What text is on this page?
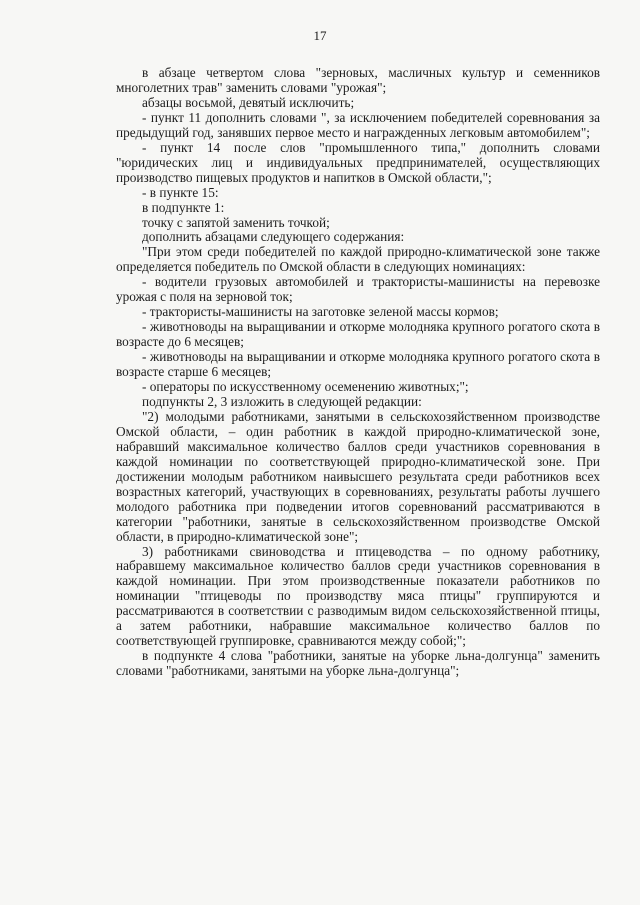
17

в абзаце четвертом слова "зерновых, масличных культур и семенников многолетних трав" заменить словами "урожая";

абзацы восьмой, девятый исключить;

- пункт 11 дополнить словами ", за исключением победителей соревнования за предыдущий год, занявших первое место и награжденных легковым автомобилем";

- пункт 14 после слов "промышленного типа," дополнить словами "юридических лиц и индивидуальных предпринимателей, осуществляющих производство пищевых продуктов и напитков в Омской области,";

- в пункте 15:

в подпункте 1:

точку с запятой заменить точкой;

дополнить абзацами следующего содержания:

"При этом среди победителей по каждой природно-климатической зоне также определяется победитель по Омской области в следующих номинациях:

- водители грузовых автомобилей и трактористы-машинисты на перевозке урожая с поля на зерновой ток;

- трактористы-машинисты на заготовке зеленой массы кормов;

- животноводы на выращивании и откорме молодняка крупного рогатого скота в возрасте до 6 месяцев;

- животноводы на выращивании и откорме молодняка крупного рогатого скота в возрасте старше 6 месяцев;

- операторы по искусственному осеменению животных;";

подпункты 2, 3 изложить в следующей редакции:

"2) молодыми работниками, занятыми в сельскохозяйственном производстве Омской области, – один работник в каждой природно-климатической зоне, набравший максимальное количество баллов среди участников соревнования в каждой номинации по соответствующей природно-климатической зоне. При достижении молодым работником наивысшего результата среди работников всех возрастных категорий, участвующих в соревнованиях, результаты работы лучшего молодого работника при подведении итогов соревнований рассматриваются в категории "работники, занятые в сельскохозяйственном производстве Омской области, в природно-климатической зоне";

3) работниками свиноводства и птицеводства – по одному работнику, набравшему максимальное количество баллов среди участников соревнования в каждой номинации. При этом производственные показатели работников по номинации "птицеводы по производству мяса птицы" группируются и рассматриваются в соответствии с разводимым видом сельскохозяйственной птицы, а затем работники, набравшие максимальное количество баллов по соответствующей группировке, сравниваются между собой;";

в подпункте 4 слова "работники, занятые на уборке льна-долгунца" заменить словами "работниками, занятыми на уборке льна-долгунца";
